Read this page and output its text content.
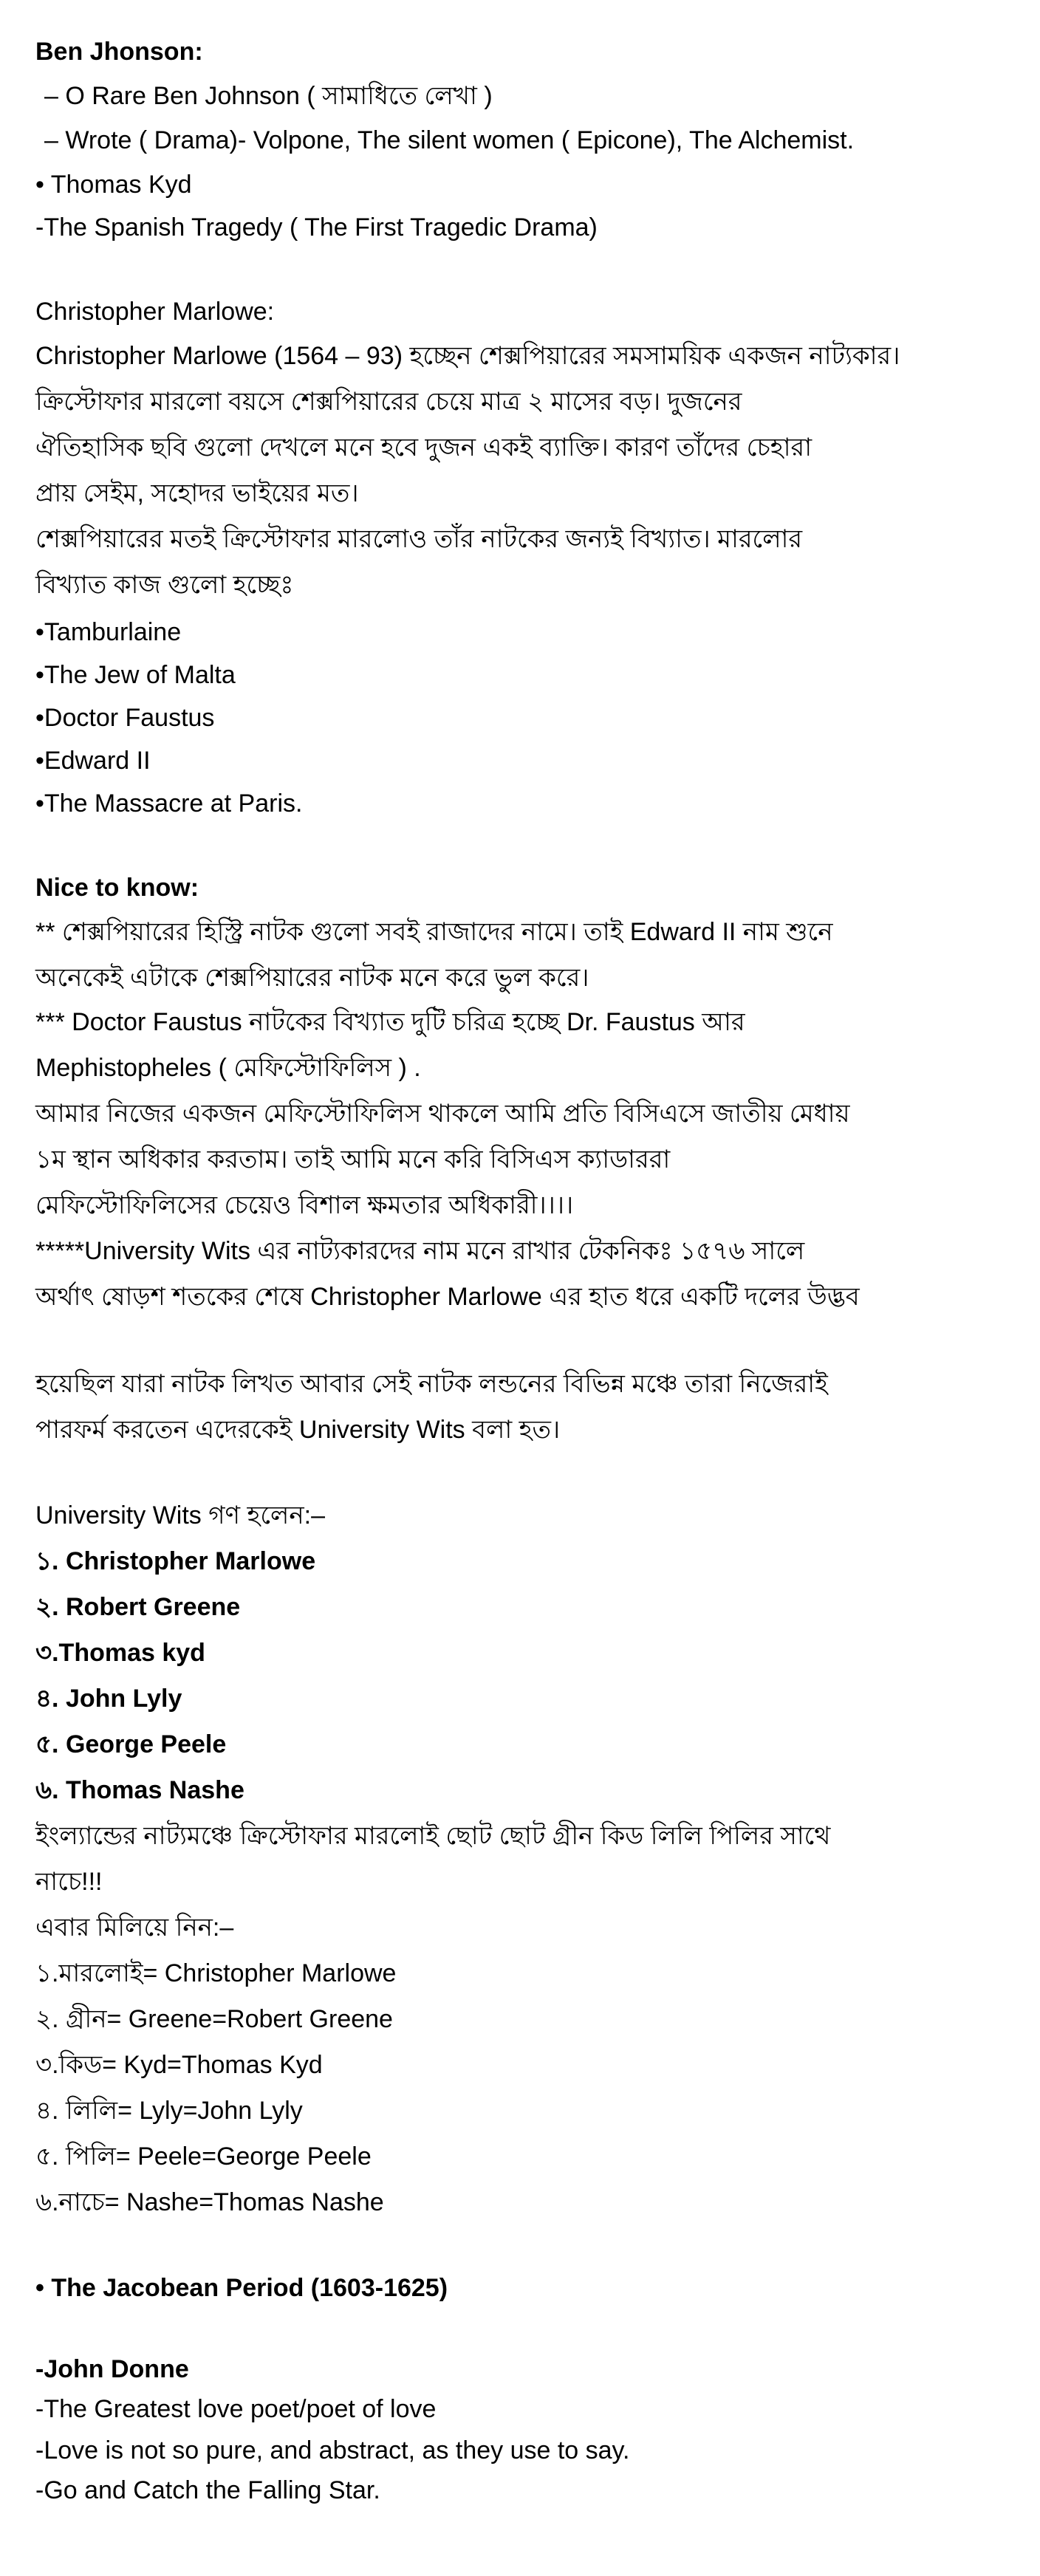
Ben Jhonson:
– O Rare Ben Johnson ( সামাধিতে লেখা )
– Wrote ( Drama)- Volpone, The silent women ( Epicone), The Alchemist.
• Thomas Kyd
-The Spanish Tragedy ( The First Tragedic Drama)
Christopher Marlowe:
Christopher Marlowe (1564 – 93) হচ্ছেন শেক্সপিয়ারের সমসাময়িক একজন নাট্যকার।
ক্রিস্টোফার মারলো বয়সে শেক্সপিয়ারের চেয়ে মাত্র ২ মাসের বড়। দুজনের
ঐতিহাসিক ছবি গুলো দেখলে মনে হবে দুজন একই ব্যাক্তি। কারণ তাঁদের চেহারা
প্রায় সেইম, সহোদর ভাইয়ের মত।
শেক্সপিয়ারের মতই ক্রিস্টোফার মারলোও তাঁর নাটকের জন্যই বিখ্যাত। মারলোর
বিখ্যাত কাজ গুলো হচ্ছেঃ
•Tamburlaine
•The Jew of Malta
•Doctor Faustus
•Edward II
•The Massacre at Paris.
Nice to know:
** শেক্সপিয়ারের হিস্ট্রি নাটক গুলো সবই রাজাদের নামে। তাই Edward II নাম শুনে
অনেকেই এটাকে শেক্সপিয়ারের নাটক মনে করে ভুল করে।
*** Doctor Faustus নাটকের বিখ্যাত দুটি চরিত্র হচ্ছে Dr. Faustus আর
Mephistopheles ( মেফিস্টোফিলিস ) .
আমার নিজের একজন মেফিস্টোফিলিস থাকলে আমি প্রতি বিসিএসে জাতীয় মেধায়
১ম স্থান অধিকার করতাম। তাই আমি মনে করি বিসিএস ক্যাডাররা
মেফিস্টোফিলিসের চেয়েও বিশাল ক্ষমতার অধিকারী।।।।
*****University Wits এর নাট্যকারদের নাম মনে রাখার টেকনিকঃ ১৫৭৬ সালে
অর্থাৎ ষোড়শ শতকের শেষে Christopher Marlowe এর হাত ধরে একটি দলের উদ্ভব
হয়েছিল যারা নাটক লিখত আবার সেই নাটক লন্ডনের বিভিন্ন মঞ্চে তারা নিজেরাই
পারফর্ম করতেন এদেরকেই University Wits বলা হত।
University Wits গণ হলেন:–
১. Christopher Marlowe
২. Robert Greene
৩.Thomas kyd
৪. John Lyly
৫. George Peele
৬. Thomas Nashe
ইংল্যান্ডের নাট্যমঞ্চে ক্রিস্টোফার মারলোই ছোট ছোট গ্রীন কিড লিলি পিলির সাথে
নাচে!!!
এবার মিলিয়ে নিন:–
১.মারলোই= Christopher Marlowe
২. গ্রীন= Greene=Robert Greene
৩.কিড= Kyd=Thomas Kyd
৪. লিলি= Lyly=John Lyly
৫. পিলি= Peele=George Peele
৬.নাচে= Nashe=Thomas Nashe
• The Jacobean Period (1603-1625)
-John Donne
-The Greatest love poet/poet of love
-Love is not so pure, and abstract, as they use to say.
-Go and Catch the Falling Star.
